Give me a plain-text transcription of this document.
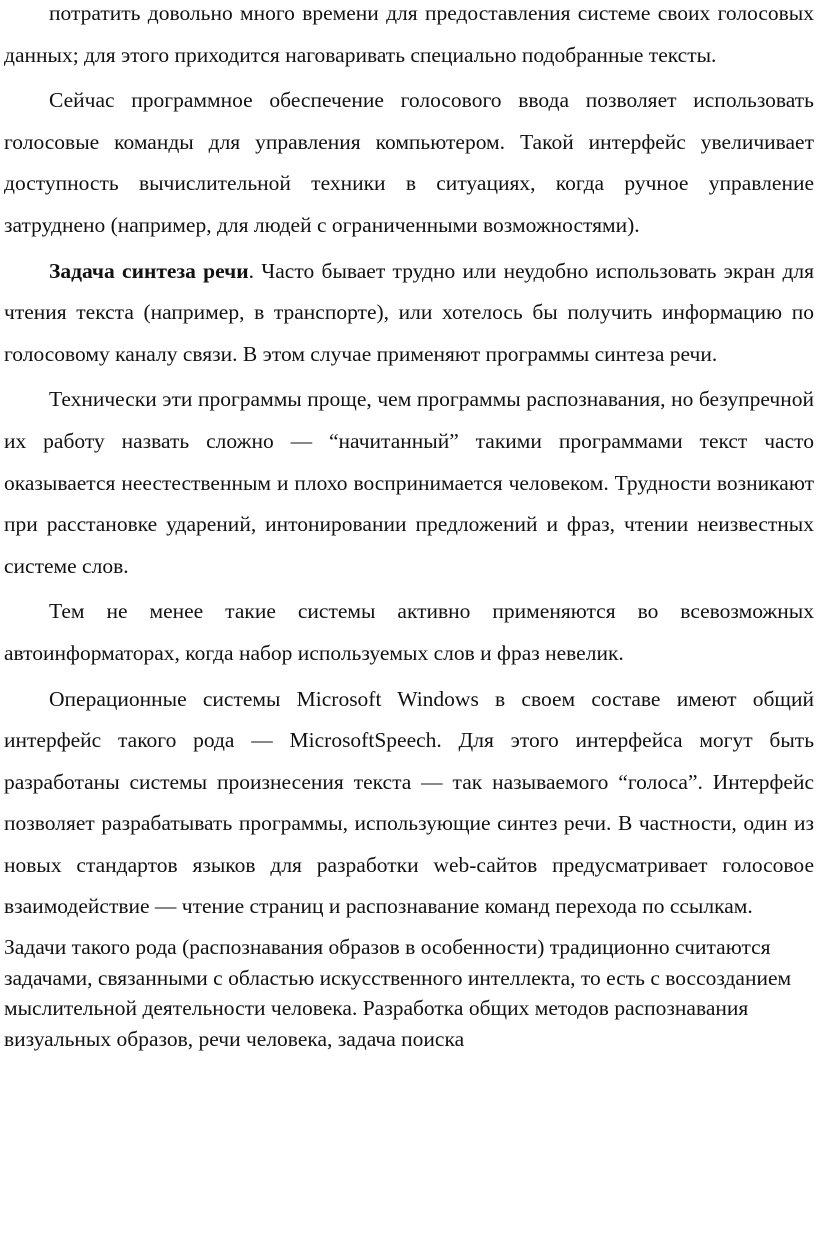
потратить довольно много времени для предоставления системе своих голосовых данных; для этого приходится наговаривать специально подобранные тексты.

Сейчас программное обеспечение голосового ввода позволяет использовать голосовые команды для управления компьютером. Такой интерфейс увеличивает доступность вычислительной техники в ситуациях, когда ручное управление затруднено (например, для людей с ограниченными возможностями).

Задача синтеза речи. Часто бывает трудно или неудобно использовать экран для чтения текста (например, в транспорте), или хотелось бы получить информацию по голосовому каналу связи. В этом случае применяют программы синтеза речи.

Технически эти программы проще, чем программы распознавания, но безупречной их работу назвать сложно — “начитанный” такими программами текст часто оказывается неестественным и плохо воспринимается человеком. Трудности возникают при расстановке ударений, интонировании предложений и фраз, чтении неизвестных системе слов.

Тем не менее такие системы активно применяются во всевозможных автоинформаторах, когда набор используемых слов и фраз невелик.

Операционные системы Microsoft Windows в своем составе имеют общий интерфейс такого рода — MicrosoftSpeech. Для этого интерфейса могут быть разработаны системы произнесения текста — так называемого “голоса”. Интерфейс позволяет разрабатывать программы, использующие синтез речи. В частности, один из новых стандартов языков для разработки web-сайтов предусматривает голосовое взаимодействие — чтение страниц и распознавание команд перехода по ссылкам.

Задачи такого рода (распознавания образов в особенности) традиционно считаются задачами, связанными с областью искусственного интеллекта, то есть с воссозданием мыслительной деятельности человека. Разработка общих методов распознавания визуальных образов, речи человека, задача поиска
